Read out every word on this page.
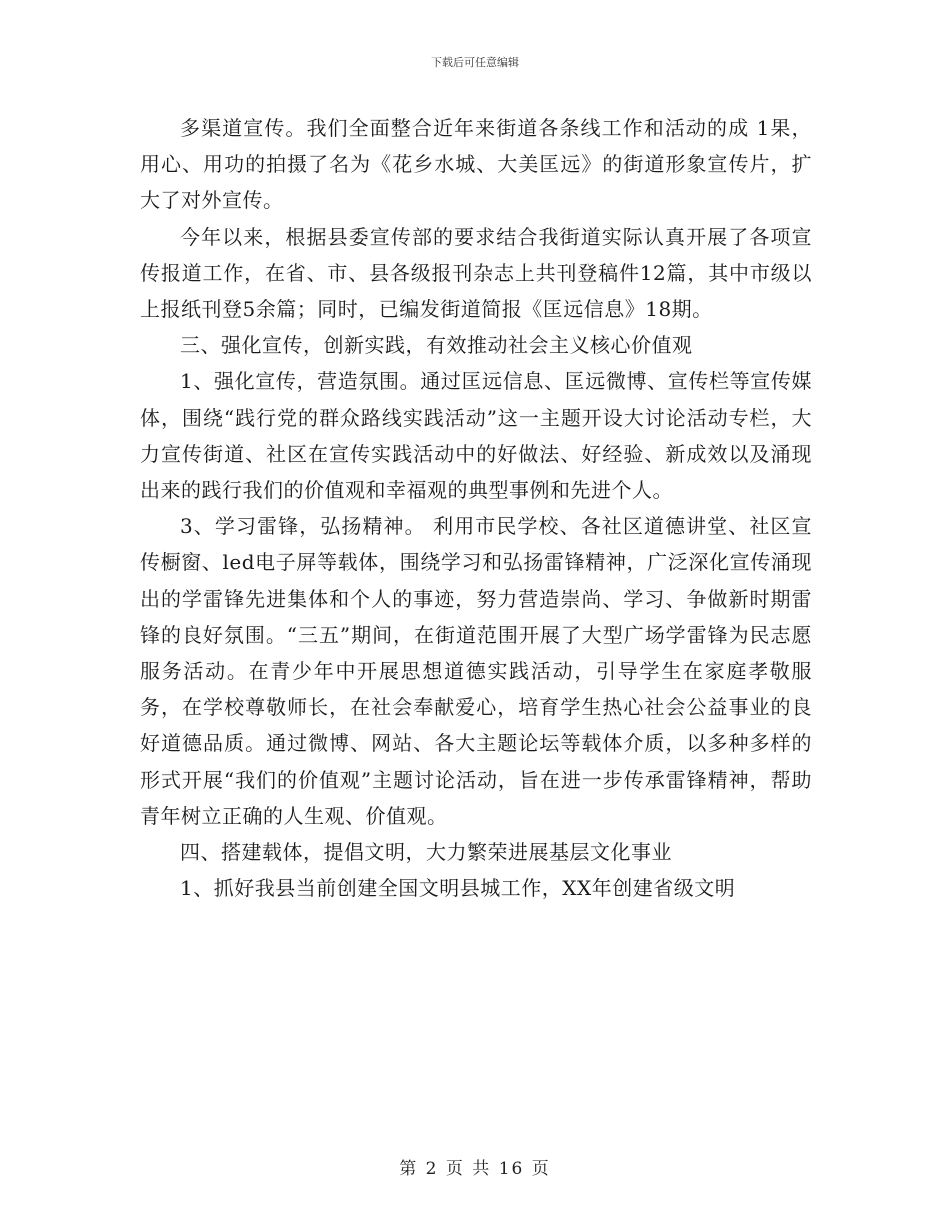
下载后可任意编辑

多渠道宣传。我们全面整合近年来街道各条线工作和活动的成 1果，用心、用功的拍摄了名为《花乡水城、大美匡远》的街道形象宣传片，扩大了对外宣传。

今年以来，根据县委宣传部的要求结合我街道实际认真开展了各项宣传报道工作，在省、市、县各级报刊杂志上共刊登稿件12篇，其中市级以上报纸刊登5余篇；同时，已编发街道简报《匡远信息》18期。

三、强化宣传，创新实践，有效推动社会主义核心价值观

1、强化宣传，营造氛围。通过匡远信息、匡远微博、宣传栏等宣传媒体，围绕“践行党的群众路线实践活动”这一主题开设大讨论活动专栏，大力宣传街道、社区在宣传实践活动中的好做法、好经验、新成效以及涌现出来的践行我们的价值观和幸福观的典型事例和先进个人。

3、学习雷锋，弘扬精神。 利用市民学校、各社区道德讲堂、社区宣传橱窗、led电子屏等载体，围绕学习和弘扬雷锋精神，广泛深化宣传涌现出的学雷锋先进集体和个人的事迹，努力营造崇尚、学习、争做新时期雷锋的良好氛围。“三五”期间，在街道范围开展了大型广场学雷锋为民志愿服务活动。在青少年中开展思想道德实践活动，引导学生在家庭孝敬服务，在学校尊敬师长，在社会奉献爱心，培育学生热心社会公益事业的良好道德品质。通过微博、网站、各大主题论坛等载体介质，以多种多样的形式开展“我们的价值观”主题讨论活动，旨在进一步传承雷锋精神，帮助青年树立正确的人生观、价值观。

四、搭建载体，提倡文明，大力繁荣进展基层文化事业

1、抓好我县当前创建全国文明县城工作，XX年创建省级文明

第 2 页 共 16 页
